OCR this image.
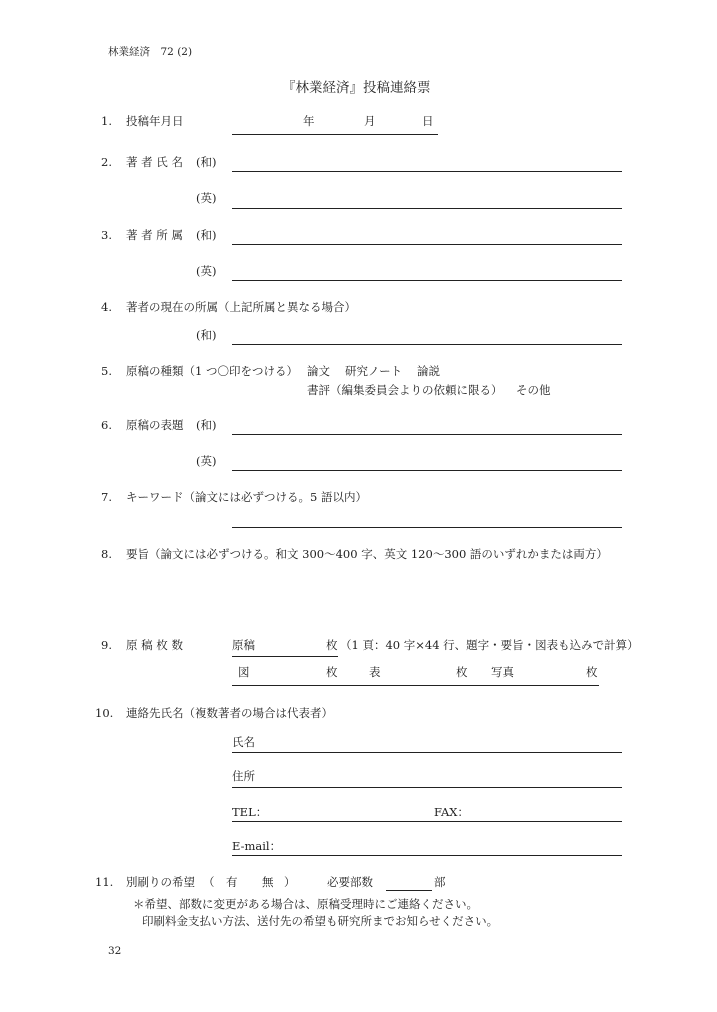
林業経済　72 (2)
『林業経済』投稿連絡票
1. 投稿年月日	年	月	日
2. 著 者 氏 名 (和)
(英)
3. 著 者 所 属 (和)
(英)
4. 著者の現在の所属（上記所属と異なる場合）
(和)
5. 原稿の種類（1 つ〇印をつける） 論文 研究ノート 論説
書評（編集委員会よりの依頼に限る） その他
6. 原稿の表題 (和)
(英)
7. キーワード（論文には必ずつける。5 語以内）
8. 要旨（論文には必ずつける。和文 300～400 字、英文 120～300 語のいずれかまたは両方）
9. 原 稿 枚 数	原稿	枚 （1 頁：40 字×44 行、題字・要旨・図表も込みで計算）
図	枚	表	枚 写真	枚
10. 連絡先氏名（複数著者の場合は代表者）
氏名
住所
TEL：	FAX：
E-mail：
11. 別刷りの希望 （ 有 無 ）	必要部数	部
＊希望、部数に変更がある場合は、原稿受理時にご連絡ください。
印刷料金支払い方法、送付先の希望も研究所までお知らせください。
32
